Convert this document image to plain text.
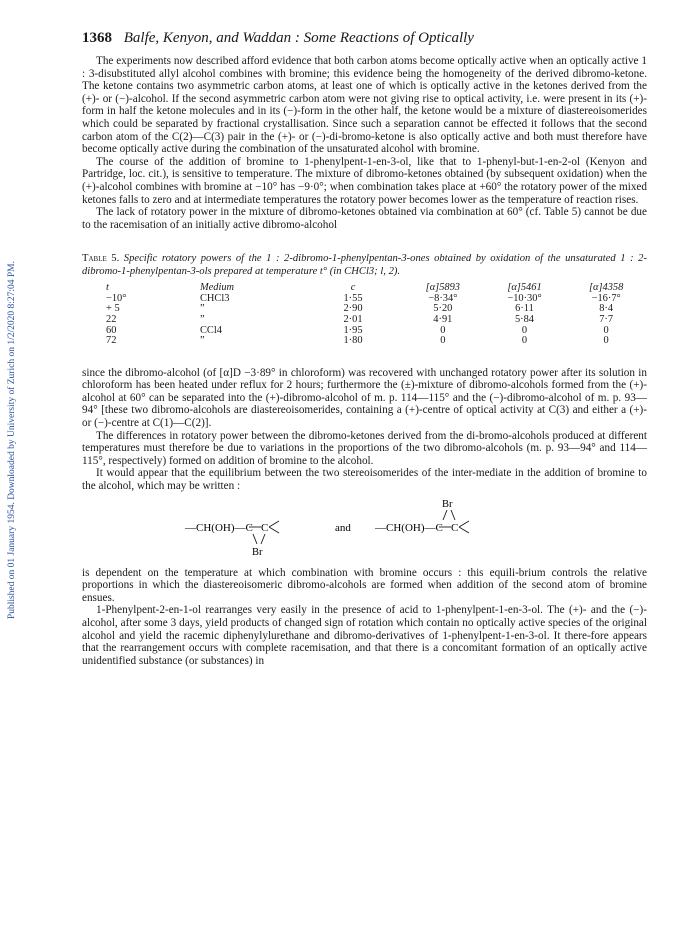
Published on 01 January 1954. Downloaded by University of Zurich on 1/2/2020 8:27:04 PM.
1368 Balfe, Kenyon, and Waddan : Some Reactions of Optically

The experiments now described afford evidence that both carbon atoms become optically active when an optically active 1 : 3-disubstituted allyl alcohol combines with bromine; this evidence being the homogeneity of the derived dibromo-ketone. The ketone contains two asymmetric carbon atoms, at least one of which is optically active in the ketones derived from the (+)- or (−)-alcohol. If the second asymmetric carbon atom were not giving rise to optical activity, i.e. were present in its (+)-form in half the ketone molecules and in its (−)-form in the other half, the ketone would be a mixture of diastereoisomerides which could be separated by fractional crystallisation. Since such a separation cannot be effected it follows that the second carbon atom of the C(2)—C(3) pair in the (+)- or (−)-di-bromo-ketone is also optically active and both must therefore have become optically active during the combination of the unsaturated alcohol with bromine.

The course of the addition of bromine to 1-phenylpent-1-en-3-ol, like that to 1-phenyl-but-1-en-2-ol (Kenyon and Partridge, loc. cit.), is sensitive to temperature. The mixture of dibromo-ketones obtained (by subsequent oxidation) when the (+)-alcohol combines with bromine at −10° has −9·0°; when combination takes place at +60° the rotatory power of the mixed ketones falls to zero and at intermediate temperatures the rotatory power becomes lower as the temperature of reaction rises.

The lack of rotatory power in the mixture of dibromo-ketones obtained via combination at 60° (cf. Table 5) cannot be due to the racemisation of an initially active dibromo-alcohol

Table 5. Specific rotatory powers of the 1 : 2-dibromo-1-phenylpentan-3-ones obtained by oxidation of the unsaturated 1 : 2-dibromo-1-phenylpentan-3-ols prepared at temperature t° (in CHCl3; l, 2).
t	Medium	c	[α]5893	[α]5461	[α]4358
−10°	CHCl3	1·55	−8·34°	−10·30°	−16·7°
+ 5	”	2·90	5·20	6·11	8·4
22	”	2·01	4·91	5·84	7·7
60	CCl4	1·95	0	0	0
72	”	1·80	0	0	0

since the dibromo-alcohol (of [α]D −3·89° in chloroform) was recovered with unchanged rotatory power after its solution in chloroform has been heated under reflux for 2 hours; furthermore the (±)-mixture of dibromo-alcohols formed from the (+)-alcohol at 60° can be separated into the (+)-dibromo-alcohol of m. p. 114—115° and the (−)-dibromo-alcohol of m. p. 93—94° [these two dibromo-alcohols are diastereoisomerides, containing a (+)-centre of optical activity at C(3) and either a (+)- or (−)-centre at C(1)—C(2)].

The differences in rotatory power between the dibromo-ketones derived from the di-bromo-alcohols produced at different temperatures must therefore be due to variations in the proportions of the two dibromo-alcohols (m. p. 93—94° and 114—115°, respectively) formed on addition of bromine to the alcohol.

It would appear that the equilibrium between the two stereoisomerides of the inter-mediate in the addition of bromine to the alcohol, which may be written :

—CH(OH)—C C
Br
and —CH(OH)—C C
Br

is dependent on the temperature at which combination with bromine occurs : this equili-brium controls the relative proportions in which the diastereoisomeric dibromo-alcohols are formed when addition of the second atom of bromine ensues.

1-Phenylpent-2-en-1-ol rearranges very easily in the presence of acid to 1-phenylpent-1-en-3-ol. The (+)- and the (−)-alcohol, after some 3 days, yield products of changed sign of rotation which contain no optically active species of the original alcohol and yield the racemic diphenylylurethane and dibromo-derivatives of 1-phenylpent-1-en-3-ol. It there-fore appears that the rearrangement occurs with complete racemisation, and that there is a concomitant formation of an optically active unidentified substance (or substances) in
